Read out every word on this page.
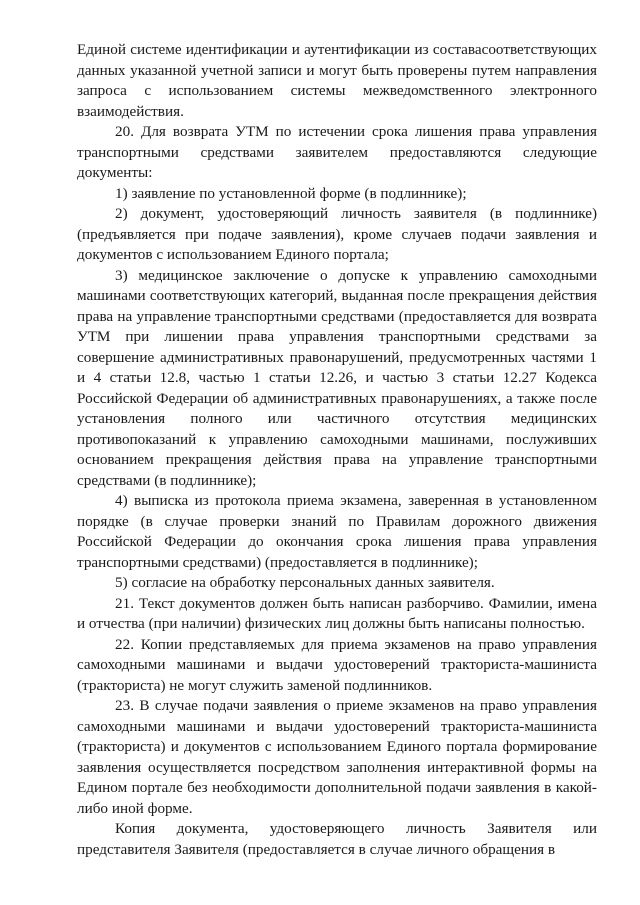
Единой системе идентификации и аутентификации из составасоответствующих данных указанной учетной записи и могут быть проверены путем направления запроса с использованием системы межведомственного электронного взаимодействия.

20. Для возврата УТМ по истечении срока лишения права управления транспортными средствами заявителем предоставляются следующие документы:

1) заявление по установленной форме (в подлиннике);

2) документ, удостоверяющий личность заявителя (в подлиннике) (предъявляется при подаче заявления), кроме случаев подачи заявления и документов с использованием Единого портала;

3) медицинское заключение о допуске к управлению самоходными машинами соответствующих категорий, выданная после прекращения действия права на управление транспортными средствами (предоставляется для возврата УТМ при лишении права управления транспортными средствами за совершение административных правонарушений, предусмотренных частями 1 и 4 статьи 12.8, частью 1 статьи 12.26, и частью 3 статьи 12.27 Кодекса Российской Федерации об административных правонарушениях, а также после установления полного или частичного отсутствия медицинских противопоказаний к управлению самоходными машинами, послуживших основанием прекращения действия права на управление транспортными средствами (в подлиннике);

4) выписка из протокола приема экзамена, заверенная в установленном порядке (в случае проверки знаний по Правилам дорожного движения Российской Федерации до окончания срока лишения права управления транспортными средствами) (предоставляется в подлиннике);

5) согласие на обработку персональных данных заявителя.

21. Текст документов должен быть написан разборчиво. Фамилии, имена и отчества (при наличии) физических лиц должны быть написаны полностью.

22. Копии представляемых для приема экзаменов на право управления самоходными машинами и выдачи удостоверений тракториста-машиниста (тракториста) не могут служить заменой подлинников.

23. В случае подачи заявления о приеме экзаменов на право управления самоходными машинами и выдачи удостоверений тракториста-машиниста (тракториста) и документов с использованием Единого портала формирование заявления осуществляется посредством заполнения интерактивной формы на Едином портале без необходимости дополнительной подачи заявления в какой-либо иной форме.

Копия документа, удостоверяющего личность Заявителя или представителя Заявителя (предоставляется в случае личного обращения в
